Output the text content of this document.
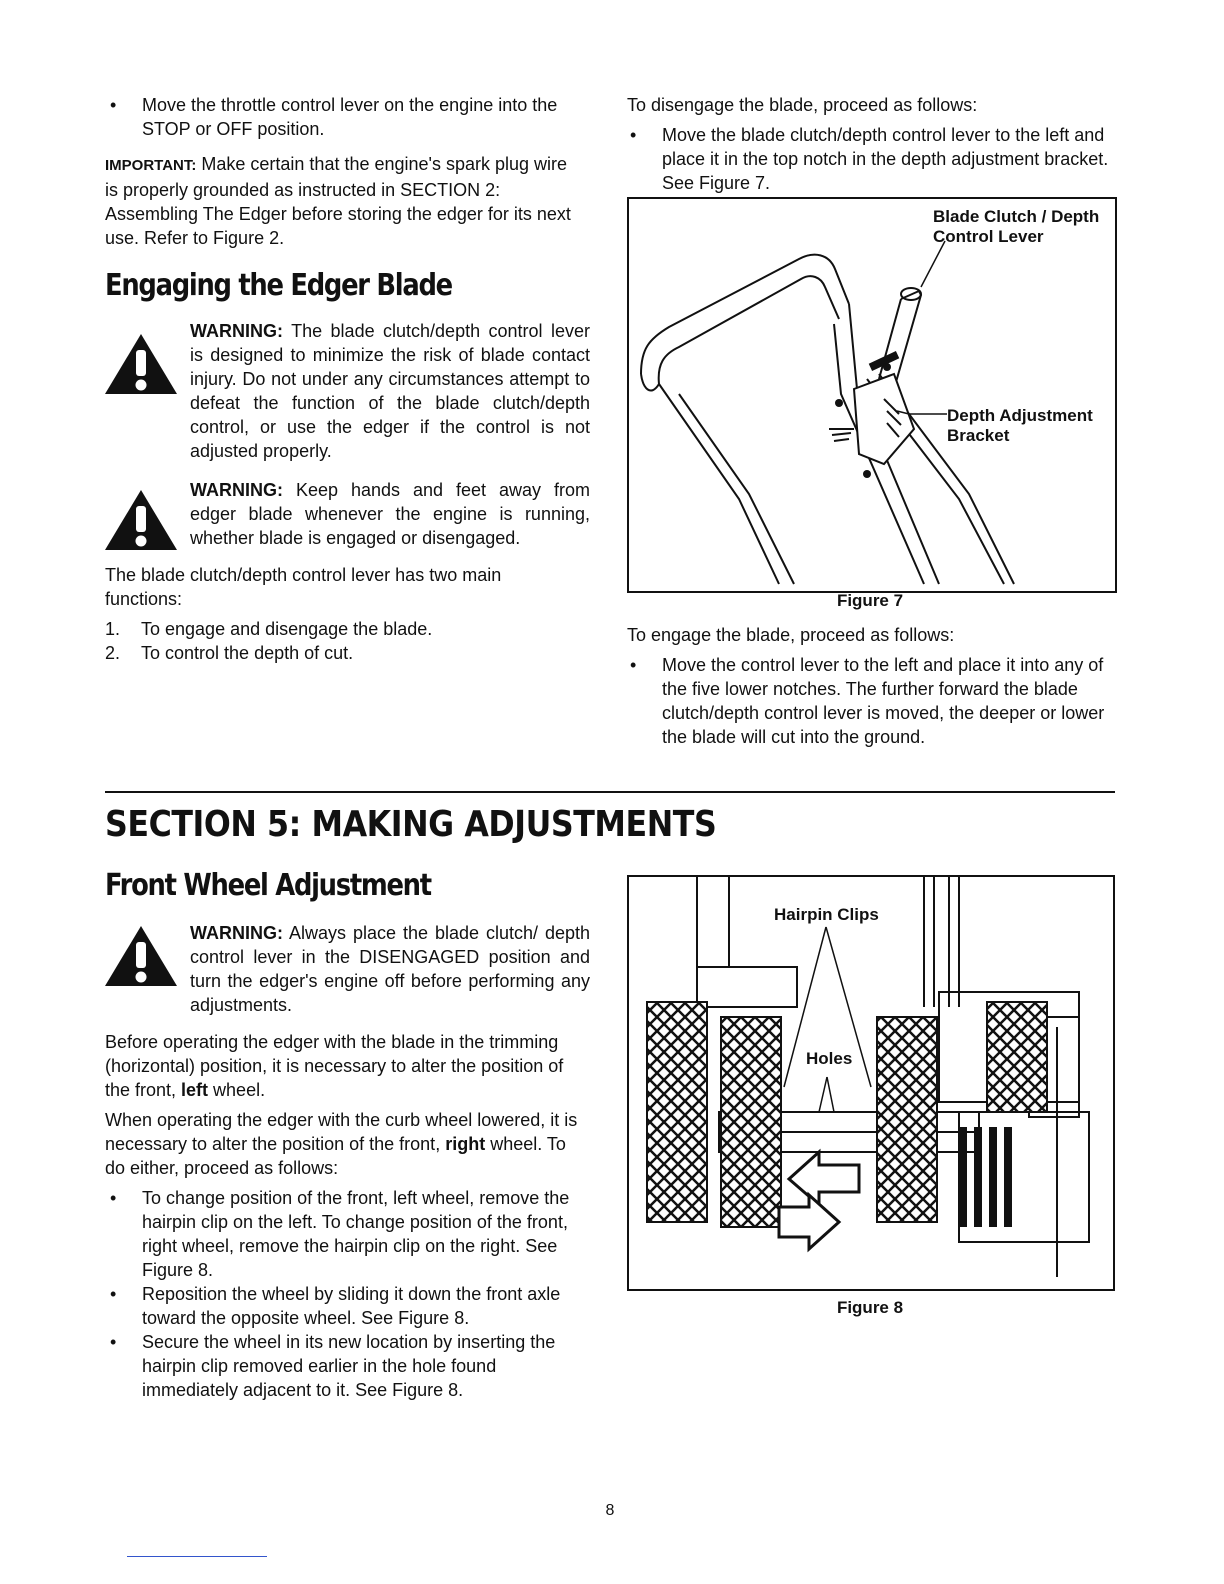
• Move the throttle control lever on the engine into the STOP or OFF position.
IMPORTANT: Make certain that the engine's spark plug wire is properly grounded as instructed in SECTION 2: Assembling The Edger before storing the edger for its next use. Refer to Figure 2.
Engaging the Edger Blade
WARNING: The blade clutch/depth control lever is designed to minimize the risk of blade contact injury. Do not under any circumstances attempt to defeat the function of the blade clutch/depth control, or use the edger if the control is not adjusted properly.
WARNING: Keep hands and feet away from edger blade whenever the engine is running, whether blade is engaged or disengaged.
The blade clutch/depth control lever has two main functions:
1. To engage and disengage the blade.
2. To control the depth of cut.
To disengage the blade, proceed as follows:
• Move the blade clutch/depth control lever to the left and place it in the top notch in the depth adjustment bracket. See Figure 7.
Blade Clutch / Depth Control Lever
Depth Adjustment Bracket
Figure 7
To engage the blade, proceed as follows:
• Move the control lever to the left and place it into any of the five lower notches. The further forward the blade clutch/depth control lever is moved, the deeper or lower the blade will cut into the ground.
SECTION 5: MAKING ADJUSTMENTS
Front Wheel Adjustment
WARNING: Always place the blade clutch/ depth control lever in the DISENGAGED position and turn the edger's engine off before performing any adjustments.
Before operating the edger with the blade in the trimming (horizontal) position, it is necessary to alter the position of the front, left wheel.
When operating the edger with the curb wheel lowered, it is necessary to alter the position of the front, right wheel. To do either, proceed as follows:
• To change position of the front, left wheel, remove the hairpin clip on the left. To change position of the front, right wheel, remove the hairpin clip on the right. See Figure 8.
• Reposition the wheel by sliding it down the front axle toward the opposite wheel. See Figure 8.
• Secure the wheel in its new location by inserting the hairpin clip removed earlier in the hole found immediately adjacent to it. See Figure 8.
Hairpin Clips
Holes
Figure 8
8
